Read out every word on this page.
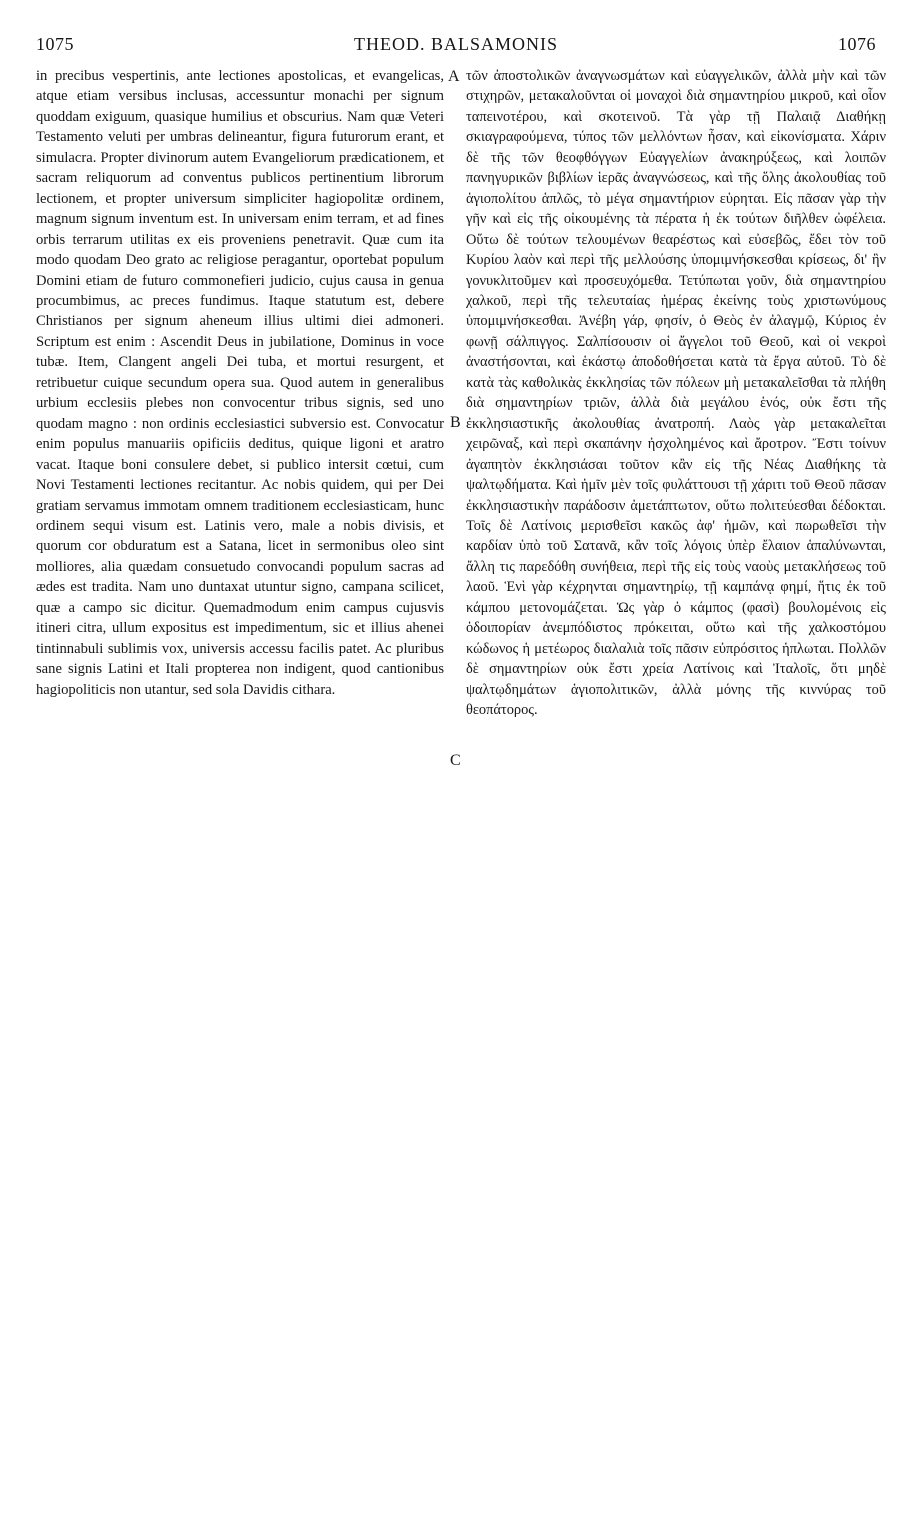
1075	THEOD. BALSAMONIS	1076

in precibus vespertinis, ante lectiones apostolicas, et evangelicas, atque etiam versibus inclusas, accessuntur monachi per signum quoddam exiguum, quasique humilius et obscurius. Nam quæ Veteri Testamento veluti per umbras delineantur, figura futurorum erant, et simulacra. Propter divinorum autem Evangeliorum prædicationem, et sacram reliquorum ad conventus publicos pertinentium librorum lectionem, et propter universum simpliciter hagiopolitæ ordinem, magnum signum inventum est. In universam enim terram, et ad fines orbis terrarum utilitas ex eis proveniens penetravit. Quæ cum ita modo quodam Deo grato ac religiose peragantur, oportebat populum Domini etiam de futuro commonefieri judicio, cujus causa in genua procumbimus, ac preces fundimus. Itaque statutum est, debere Christianos per signum aheneum illius ultimi diei admoneri. Scriptum est enim : Ascendit Deus in jubilatione, Dominus in voce tubæ. Item, Clangent angeli Dei tuba, et mortui resurgent, et retribuetur cuique secundum opera sua. Quod autem in generalibus urbium ecclesiis plebes non convocentur tribus signis, sed uno quodam magno : non ordinis ecclesiastici subversio est. Convocatur enim populus manuariis opificiis deditus, quique ligoni et aratro vacat. Itaque boni consulere debet, si publico intersit cœtui, cum Novi Testamenti lectiones recitantur. Ac nobis quidem, qui per Dei gratiam servamus immotam omnem traditionem ecclesiasticam, hunc ordinem sequi visum est. Latinis vero, male a nobis divisis, et quorum cor obduratum est a Satana, licet in sermonibus oleo sint molliores, alia quædam consuetudo convocandi populum sacras ad ædes est tradita. Nam uno duntaxat utuntur signo, campana scilicet, quæ a campo sic dicitur. Quemadmodum enim campus cujusvis itineri citra, ullum expositus est impedimentum, sic et illius ahenei tintinnabuli sublimis vox, universis accessu facilis patet. Ac pluribus sane signis Latini et Itali propterea non indigent, quod cantionibus hagiopoliticis non utantur, sed sola Davidis cithara.

A
B
C

τῶν ἀποστολικῶν ἀναγνωσμάτων καὶ εὐαγγελικῶν, ἀλλὰ μὴν καὶ τῶν στιχηρῶν, μετακαλοῦνται οἱ μοναχοὶ διὰ σημαντηρίου μικροῦ, καὶ οἷον ταπεινοτέρου, καὶ σκοτεινοῦ. Τὰ γὰρ τῇ Παλαιᾷ Διαθήκῃ σκιαγραφούμενα, τύπος τῶν μελλόντων ἦσαν, καὶ εἰκονίσματα. Χάριν δὲ τῆς τῶν θεοφθόγγων Εὐαγγελίων ἀνακηρύξεως, καὶ λοιπῶν πανηγυρικῶν βιβλίων ἱερᾶς ἀναγνώσεως, καὶ τῆς ὅλης ἀκολουθίας τοῦ ἁγιοπολίτου ἁπλῶς, τὸ μέγα σημαντήριον εὑρηται. Εἰς πᾶσαν γὰρ τὴν γῆν καὶ εἰς τῆς οἰκουμένης τὰ πέρατα ἡ ἐκ τούτων διῆλθεν ὠφέλεια. Οὕτω δὲ τούτων τελουμένων θεαρέστως καὶ εὐσεβῶς, ἔδει τὸν τοῦ Κυρίου λαὸν καὶ περὶ τῆς μελλούσης ὑπομιμνήσκεσθαι κρίσεως, δι' ἣν γονυκλιτοῦμεν καὶ προσευχόμεθα. Τετύπωται γοῦν, διὰ σημαντηρίου χαλκοῦ, περὶ τῆς τελευταίας ἡμέρας ἐκείνης τοὺς χριστωνύμους ὑπομιμνήσκεσθαι. Ἀνέβη γάρ, φησίν, ὁ Θεὸς ἐν ἀλαγμῷ, Κύριος ἐν φωνῇ σάλπιγγος. Σαλπίσουσιν οἱ ἄγγελοι τοῦ Θεοῦ, καὶ οἱ νεκροὶ ἀναστήσονται, καὶ ἑκάστῳ ἀποδοθήσεται κατὰ τὰ ἔργα αὐτοῦ. Τὸ δὲ κατὰ τὰς καθολικὰς ἐκκλησίας τῶν πόλεων μὴ μετακαλεῖσθαι τὰ πλήθη διὰ σημαντηρίων τριῶν, ἀλλὰ διὰ μεγάλου ἑνός, οὐκ ἔστι τῆς ἐκκλησιαστικῆς ἀκολουθίας ἀνατροπή. Λαὸς γὰρ μετακαλεῖται χειρῶναξ, καὶ περὶ σκαπάνην ἠσχολημένος καὶ ἄροτρον. Ἔστι τοίνυν ἀγαπητὸν ἐκκλησιάσαι τοῦτον κἂν εἰς τῆς Νέας Διαθήκης τὰ ψαλτῳδήματα. Καὶ ἡμῖν μὲν τοῖς φυλάττουσι τῇ χάριτι τοῦ Θεοῦ πᾶσαν ἐκκλησιαστικὴν παράδοσιν ἀμετάπτωτον, οὕτω πολιτεύεσθαι δέδοκται. Τοῖς δὲ Λατίνοις μερισθεῖσι κακῶς ἀφ' ἡμῶν, καὶ πωρωθεῖσι τὴν καρδίαν ὑπὸ τοῦ Σατανᾶ, κἂν τοῖς λόγοις ὑπὲρ ἔλαιον ἁπαλύνωνται, ἄλλη τις παρεδόθη συνήθεια, περὶ τῆς εἰς τοὺς ναοὺς μετακλήσεως τοῦ λαοῦ. Ἑνὶ γὰρ κέχρηνται σημαντηρίῳ, τῇ καμπάνᾳ φημί, ἥτις ἐκ τοῦ κάμπου μετονομάζεται. Ὡς γὰρ ὁ κάμπος (φασὶ) βουλομένοις εἰς ὁδοιπορίαν ἀνεμπόδιστος πρόκειται, οὕτω καὶ τῆς χαλκοστόμου κώδωνος ἡ μετέωρος διαλαλιὰ τοῖς πᾶσιν εὐπρόσιτος ἡπλωται. Πολλῶν δὲ σημαντηρίων οὐκ ἔστι χρεία Λατίνοις καὶ Ἰταλοῖς, ὅτι μηδὲ ψαλτῳδημάτων ἁγιοπολιτικῶν, ἀλλὰ μόνης τῆς κιννύρας τοῦ θεοπάτορος.
